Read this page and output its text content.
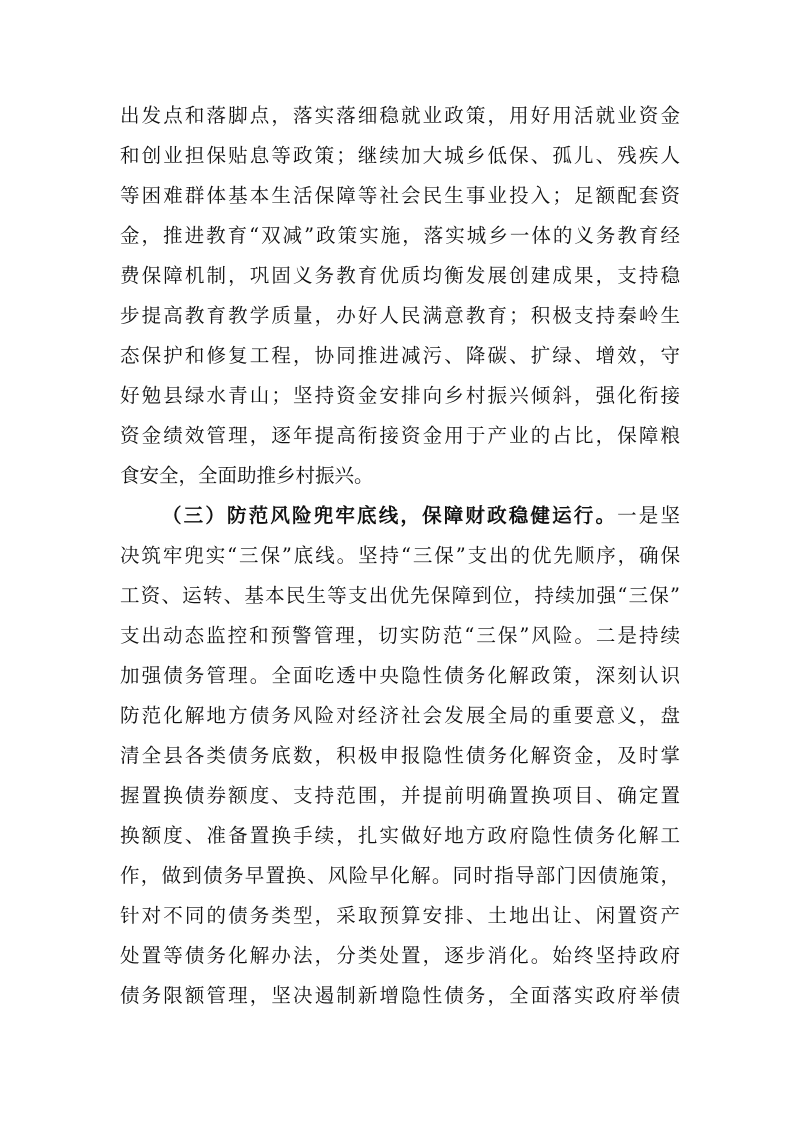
出发点和落脚点，落实落细稳就业政策，用好用活就业资金
和创业担保贴息等政策；继续加大城乡低保、孤儿、残疾人
等困难群体基本生活保障等社会民生事业投入；足额配套资
金，推进教育“双减”政策实施，落实城乡一体的义务教育经
费保障机制，巩固义务教育优质均衡发展创建成果，支持稳
步提高教育教学质量，办好人民满意教育；积极支持秦岭生
态保护和修复工程，协同推进减污、降碳、扩绿、增效，守
好勉县绿水青山；坚持资金安排向乡村振兴倾斜，强化衔接
资金绩效管理，逐年提高衔接资金用于产业的占比，保障粮
食安全，全面助推乡村振兴。
（三）防范风险兜牢底线，保障财政稳健运行。一是坚
决筑牢兜实“三保”底线。坚持“三保”支出的优先顺序，确保
工资、运转、基本民生等支出优先保障到位，持续加强“三保”
支出动态监控和预警管理，切实防范“三保”风险。二是持续
加强债务管理。全面吃透中央隐性债务化解政策，深刻认识
防范化解地方债务风险对经济社会发展全局的重要意义，盘
清全县各类债务底数，积极申报隐性债务化解资金，及时掌
握置换债券额度、支持范围，并提前明确置换项目、确定置
换额度、准备置换手续，扎实做好地方政府隐性债务化解工
作，做到债务早置换、风险早化解。同时指导部门因债施策，
针对不同的债务类型，采取预算安排、土地出让、闲置资产
处置等债务化解办法，分类处置，逐步消化。始终坚持政府
债务限额管理，坚决遏制新增隐性债务，全面落实政府举债
